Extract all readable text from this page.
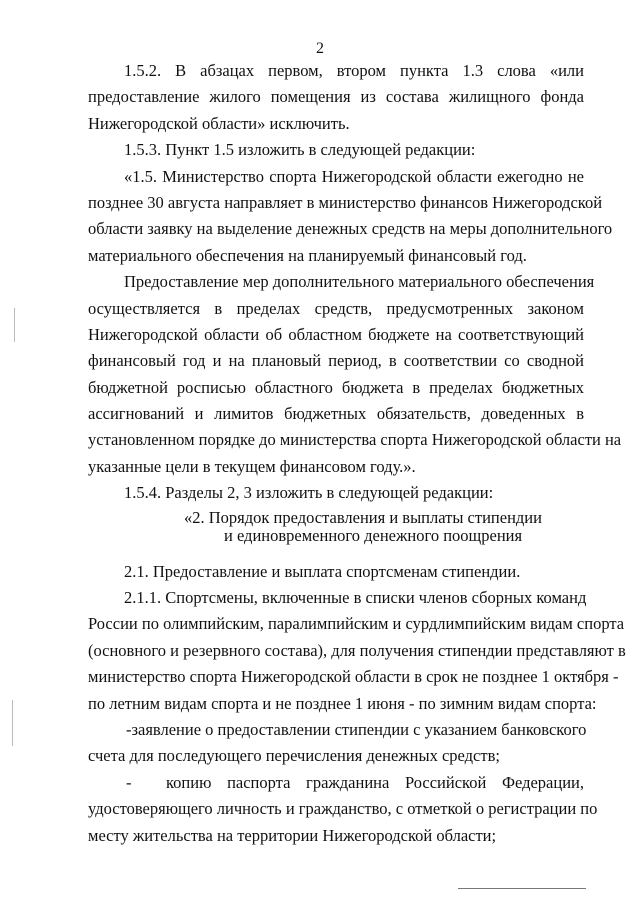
2
1.5.2. В абзацах первом, втором пункта 1.3 слова «или
предоставление жилого помещения из состава жилищного фонда
Нижегородской области» исключить.
1.5.3. Пункт 1.5 изложить в следующей редакции:
«1.5. Министерство спорта Нижегородской области ежегодно не
позднее 30 августа направляет в министерство финансов Нижегородской
области заявку на выделение денежных средств на меры дополнительного
материального обеспечения на планируемый финансовый год.
Предоставление мер дополнительного материального обеспечения
осуществляется в пределах средств, предусмотренных законом
Нижегородской области об областном бюджете на соответствующий
финансовый год и на плановый период, в соответствии со сводной
бюджетной росписью областного бюджета в пределах бюджетных
ассигнований и лимитов бюджетных обязательств, доведенных в
установленном порядке до министерства спорта Нижегородской области на
указанные цели в текущем финансовом году.».
1.5.4. Разделы 2, 3 изложить в следующей редакции:
«2. Порядок предоставления и выплаты стипендии
и единовременного денежного поощрения
2.1. Предоставление и выплата спортсменам стипендии.
2.1.1. Спортсмены, включенные в списки членов сборных команд
России по олимпийским, паралимпийским и сурдлимпийским видам спорта
(основного и резервного состава), для получения стипендии представляют в
министерство спорта Нижегородской области в срок не позднее 1 октября -
по летним видам спорта и не позднее 1 июня - по зимним видам спорта:
- заявление о предоставлении стипендии с указанием банковского
счета для последующего перечисления денежных средств;
-	копию паспорта гражданина Российской Федерации,
удостоверяющего личность и гражданство, с отметкой о регистрации по
месту жительства на территории Нижегородской области;
